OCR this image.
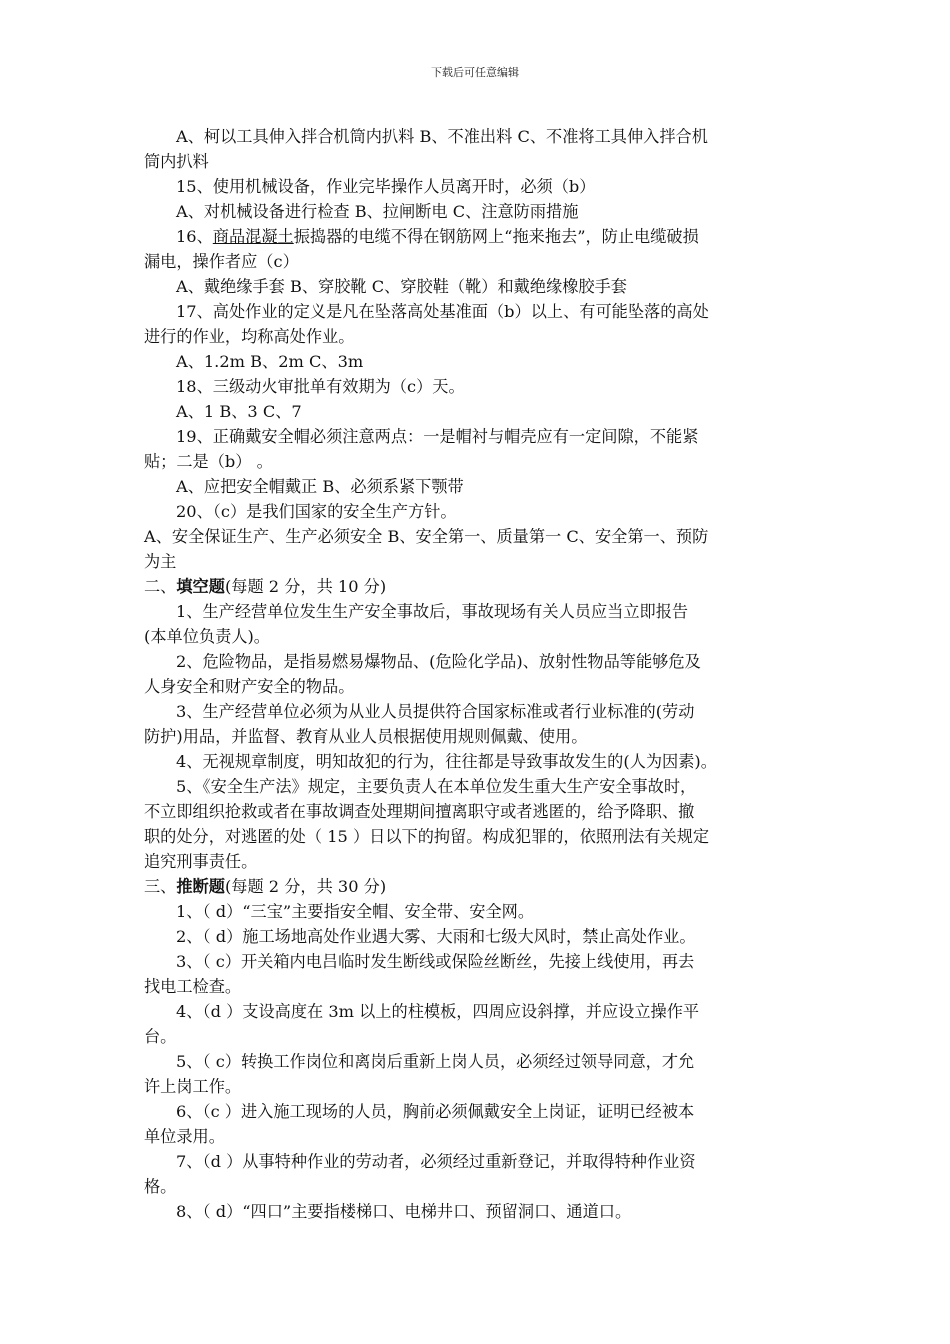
下载后可任意编辑
A、柯以工具伸入拌合机筒内扒料 B、不准出料 C、不准将工具伸入拌合机
筒内扒料
15、使用机械设备，作业完毕操作人员离开时，必须（b）
A、对机械设备进行检查 B、拉闸断电 C、注意防雨措施
16、商品混凝土振捣器的电缆不得在钢筋网上“拖来拖去”，防止电缆破损
漏电，操作者应（c）
A、戴绝缘手套 B、穿胶靴 C、穿胶鞋（靴）和戴绝缘橡胶手套
17、高处作业的定义是凡在坠落高处基准面（b）以上、有可能坠落的高处
进行的作业，均称高处作业。
A、1.2m B、2m C、3m
18、三级动火审批单有效期为（c）天。
A、1 B、3 C、7
19、正确戴安全帽必须注意两点：一是帽衬与帽壳应有一定间隙，不能紧
贴；二是（b） 。
A、应把安全帽戴正 B、必须系紧下颚带
20、（c）是我们国家的安全生产方针。
A、安全保证生产、生产必须安全 B、安全第一、质量第一 C、安全第一、预防
为主
二、填空题(每题 2 分，共 10 分)
1、生产经营单位发生生产安全事故后，事故现场有关人员应当立即报告
(本单位负责人)。
2、危险物品，是指易燃易爆物品、(危险化学品)、放射性物品等能够危及
人身安全和财产安全的物品。
3、生产经营单位必须为从业人员提供符合国家标准或者行业标准的(劳动
防护)用品，并监督、教育从业人员根据使用规则佩戴、使用。
4、无视规章制度，明知故犯的行为，往往都是导致事故发生的(人为因素)。
5、《安全生产法》规定，主要负责人在本单位发生重大生产安全事故时，
不立即组织抢救或者在事故调查处理期间擅离职守或者逃匿的，给予降职、撤
职的处分，对逃匿的处（ 15 ）日以下的拘留。构成犯罪的，依照刑法有关规定
追究刑事责任。
三、推断题(每题 2 分，共 30 分)
1、（ d）“三宝”主要指安全帽、安全带、安全网。
2、（ d）施工场地高处作业遇大雾、大雨和七级大风时，禁止高处作业。
3、（ c）开关箱内电吕临时发生断线或保险丝断丝，先接上线使用，再去
找电工检查。
4、（d ）支设高度在 3m 以上的柱模板，四周应设斜撑，并应设立操作平
台。
5、（ c）转换工作岗位和离岗后重新上岗人员，必须经过领导同意，才允
许上岗工作。
6、（c ）进入施工现场的人员，胸前必须佩戴安全上岗证，证明已经被本
单位录用。
7、（d ）从事特种作业的劳动者，必须经过重新登记，并取得特种作业资
格。
8、（ d）“四口”主要指楼梯口、电梯井口、预留洞口、通道口。
